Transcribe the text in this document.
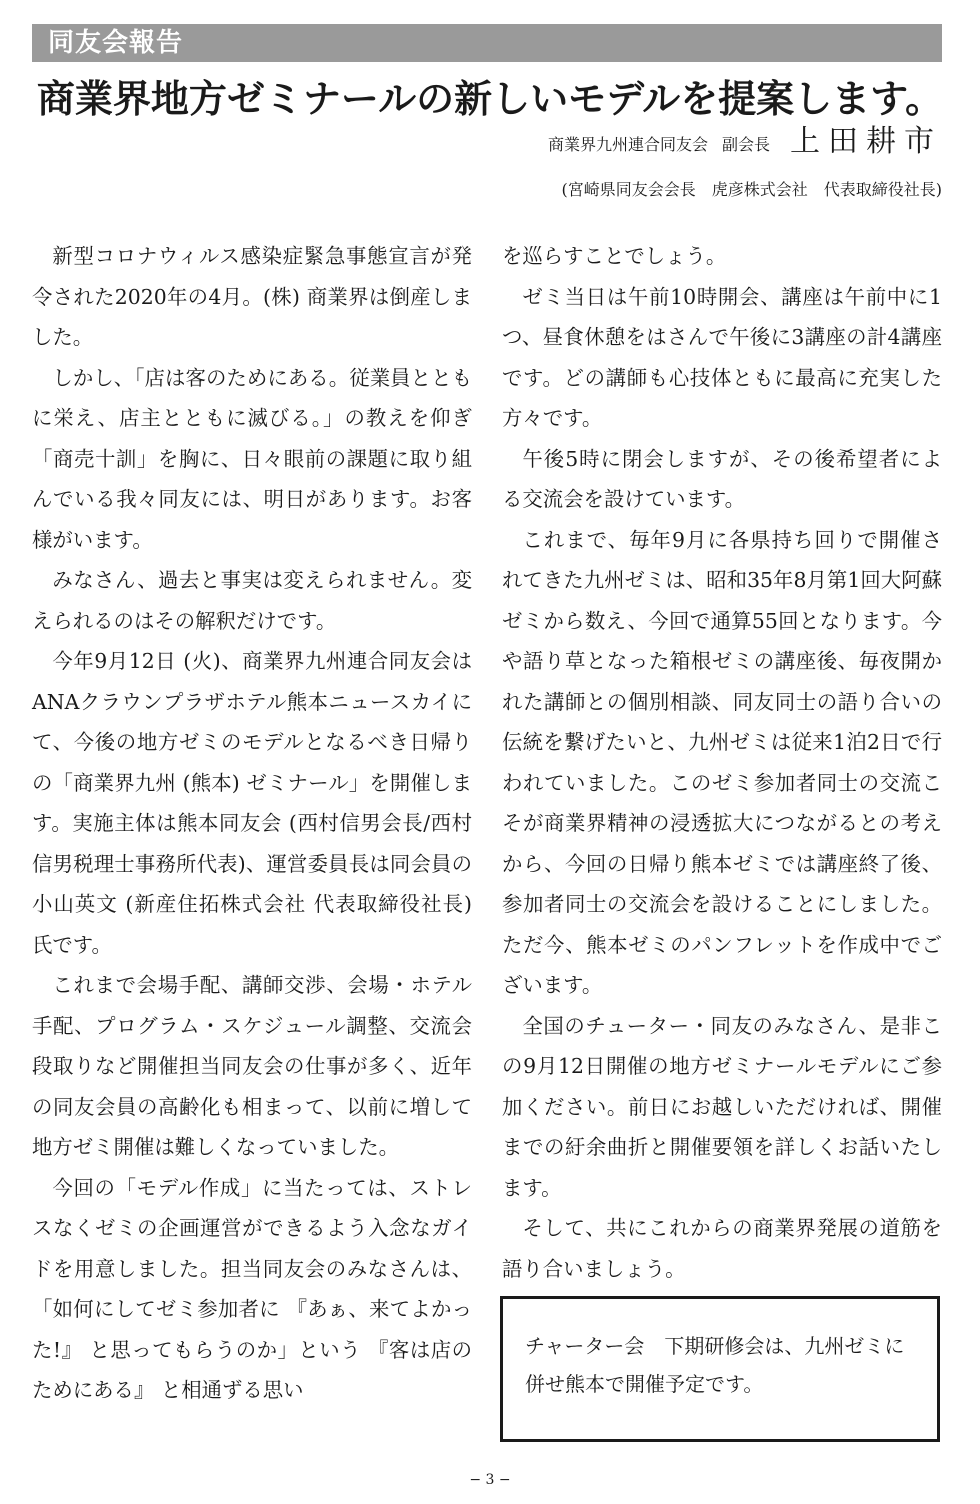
同友会報告
商業界地方ゼミナールの新しいモデルを提案します。
商業界九州連合同友会 副会長 上田耕市
(宮崎県同友会会長　虎彦株式会社　代表取締役社長)

新型コロナウィルス感染症緊急事態宣言が発令された2020年の4月。(株) 商業界は倒産しました。

しかし、「店は客のためにある。従業員とともに栄え、店主とともに滅びる。」の教えを仰ぎ「商売十訓」を胸に、日々眼前の課題に取り組んでいる我々同友には、明日があります。お客様がいます。

みなさん、過去と事実は変えられません。変えられるのはその解釈だけです。

今年9月12日 (火)、商業界九州連合同友会はANAクラウンプラザホテル熊本ニュースカイにて、今後の地方ゼミのモデルとなるべき日帰りの「商業界九州 (熊本) ゼミナール」を開催します。実施主体は熊本同友会 (西村信男会長/西村信男税理士事務所代表)、運営委員長は同会員の小山英文 (新産住拓株式会社 代表取締役社長) 氏です。

これまで会場手配、講師交渉、会場・ホテル手配、プログラム・スケジュール調整、交流会段取りなど開催担当同友会の仕事が多く、近年の同友会員の高齢化も相まって、以前に増して地方ゼミ開催は難しくなっていました。

今回の「モデル作成」に当たっては、ストレスなくゼミの企画運営ができるよう入念なガイドを用意しました。担当同友会のみなさんは、「如何にしてゼミ参加者に 『あぁ、来てよかった!』 と思ってもらうのか」という 『客は店のためにある』 と相通ずる思い

を巡らすことでしょう。

ゼミ当日は午前10時開会、講座は午前中に1つ、昼食休憩をはさんで午後に3講座の計4講座です。どの講師も心技体ともに最高に充実した方々です。

午後5時に閉会しますが、その後希望者による交流会を設けています。

これまで、毎年9月に各県持ち回りで開催されてきた九州ゼミは、昭和35年8月第1回大阿蘇ゼミから数え、今回で通算55回となります。今や語り草となった箱根ゼミの講座後、毎夜開かれた講師との個別相談、同友同士の語り合いの伝統を繋げたいと、九州ゼミは従来1泊2日で行われていました。このゼミ参加者同士の交流こそが商業界精神の浸透拡大につながるとの考えから、今回の日帰り熊本ゼミでは講座終了後、参加者同士の交流会を設けることにしました。ただ今、熊本ゼミのパンフレットを作成中でございます。

全国のチューター・同友のみなさん、是非この9月12日開催の地方ゼミナールモデルにご参加ください。前日にお越しいただければ、開催までの紆余曲折と開催要領を詳しくお話いたします。

そして、共にこれからの商業界発展の道筋を語り合いましょう。

チャーター会　下期研修会は、九州ゼミに併せ熊本で開催予定です。
− 3 −
